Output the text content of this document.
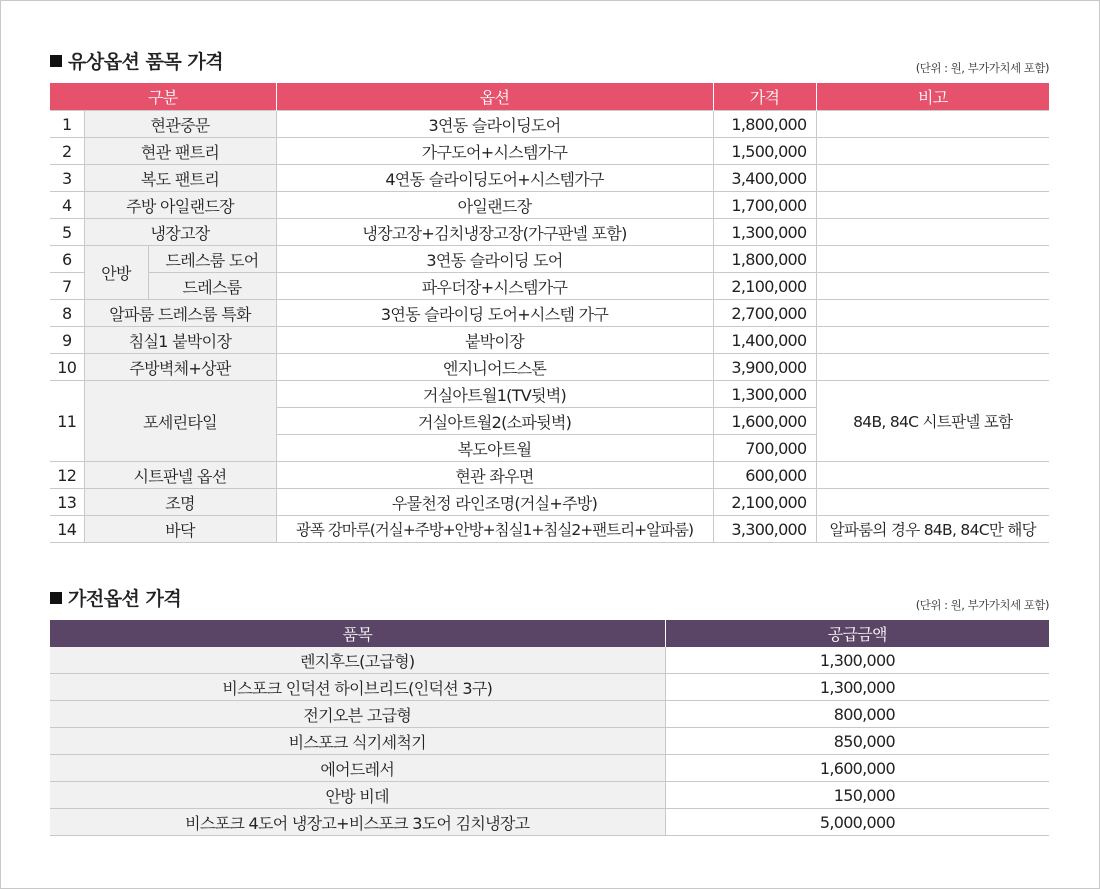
유상옵션 품목 가격	(단위 : 원, 부가가치세 포함)
구분			옵션	가격	비고
1	현관중문		3연동 슬라이딩도어	1,800,000	
2	현관 팬트리		가구도어+시스템가구	1,500,000	
3	복도 팬트리		4연동 슬라이딩도어+시스템가구	3,400,000	
4	주방 아일랜드장		아일랜드장	1,700,000	
5	냉장고장		냉장고장+김치냉장고장(가구판넬 포함)	1,300,000	
6	안방	드레스룸 도어	3연동 슬라이딩 도어	1,800,000	
7		드레스룸	파우더장+시스템가구	2,100,000	
8	알파룸 드레스룸 특화		3연동 슬라이딩 도어+시스템 가구	2,700,000	
9	침실1 붙박이장		붙박이장	1,400,000	
10	주방벽체+상판		엔지니어드스톤	3,900,000	
11	포세린타일		거실아트월1(TV뒷벽)	1,300,000	84B, 84C 시트판넬 포함
			거실아트월2(소파뒷벽)	1,600,000	
			복도아트월	700,000	
12	시트판넬 옵션		현관 좌우면	600,000	
13	조명		우물천정 라인조명(거실+주방)	2,100,000	
14	바닥		광폭 강마루(거실+주방+안방+침실1+침실2+팬트리+알파룸)	3,300,000	알파룸의 경우 84B, 84C만 해당
가전옵션 가격	(단위 : 원, 부가가치세 포함)
품목	공급금액
렌지후드(고급형)	1,300,000
비스포크 인덕션 하이브리드(인덕션 3구)	1,300,000
전기오븐 고급형	800,000
비스포크 식기세척기	850,000
에어드레서	1,600,000
안방 비데	150,000
비스포크 4도어 냉장고+비스포크 3도어 김치냉장고	5,000,000
